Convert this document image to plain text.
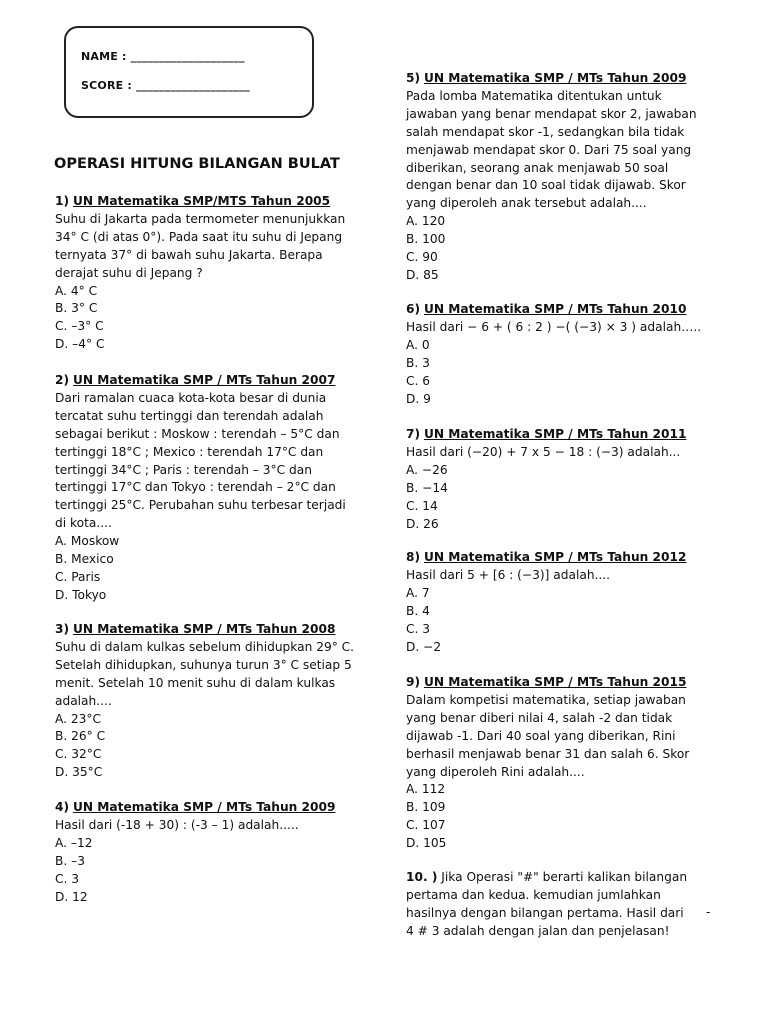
NAME : ____________________
SCORE : ____________________
OPERASI HITUNG BILANGAN BULAT
1) UN Matematika SMP/MTS Tahun 2005
Suhu di Jakarta pada termometer menunjukkan
34° C (di atas 0°). Pada saat itu suhu di Jepang
ternyata 37° di bawah suhu Jakarta. Berapa
derajat suhu di Jepang ?
A. 4° C
B. 3° C
C. –3° C
D. –4° C
2) UN Matematika SMP / MTs Tahun 2007
Dari ramalan cuaca kota-kota besar di dunia
tercatat suhu tertinggi dan terendah adalah
sebagai berikut : Moskow : terendah – 5°C dan
tertinggi 18°C ; Mexico : terendah 17°C dan
tertinggi 34°C ; Paris : terendah – 3°C dan
tertinggi 17°C dan Tokyo : terendah – 2°C dan
tertinggi 25°C. Perubahan suhu terbesar terjadi
di kota....
A. Moskow
B. Mexico
C. Paris
D. Tokyo
3) UN Matematika SMP / MTs Tahun 2008
Suhu di dalam kulkas sebelum dihidupkan 29° C.
Setelah dihidupkan, suhunya turun 3° C setiap 5
menit. Setelah 10 menit suhu di dalam kulkas
adalah....
A. 23°C
B. 26° C
C. 32°C
D. 35°C
4) UN Matematika SMP / MTs Tahun 2009
Hasil dari (-18 + 30) : (-3 – 1) adalah.....
A. –12
B. –3
C. 3
D. 12
5) UN Matematika SMP / MTs Tahun 2009
Pada lomba Matematika ditentukan untuk
jawaban yang benar mendapat skor 2, jawaban
salah mendapat skor -1, sedangkan bila tidak
menjawab mendapat skor 0. Dari 75 soal yang
diberikan, seorang anak menjawab 50 soal
dengan benar dan 10 soal tidak dijawab. Skor
yang diperoleh anak tersebut adalah....
A. 120
B. 100
C. 90
D. 85
6) UN Matematika SMP / MTs Tahun 2010
Hasil dari − 6 + ( 6 : 2 ) −( (−3) × 3 ) adalah…..
A. 0
B. 3
C. 6
D. 9
7) UN Matematika SMP / MTs Tahun 2011
Hasil dari (−20) + 7 x 5 − 18 : (−3) adalah...
A. −26
B. −14
C. 14
D. 26
8) UN Matematika SMP / MTs Tahun 2012
Hasil dari 5 + [6 : (−3)] adalah....
A. 7
B. 4
C. 3
D. −2
9) UN Matematika SMP / MTs Tahun 2015
Dalam kompetisi matematika, setiap jawaban
yang benar diberi nilai 4, salah -2 dan tidak
dijawab -1. Dari 40 soal yang diberikan, Rini
berhasil menjawab benar 31 dan salah 6. Skor
yang diperoleh Rini adalah....
A. 112
B. 109
C. 107
D. 105
10. ) Jika Operasi "#" berarti kalikan bilangan
pertama dan kedua. kemudian jumlahkan
hasilnya dengan bilangan pertama. Hasil dari
4 # 3 adalah dengan jalan dan penjelasan!
-
